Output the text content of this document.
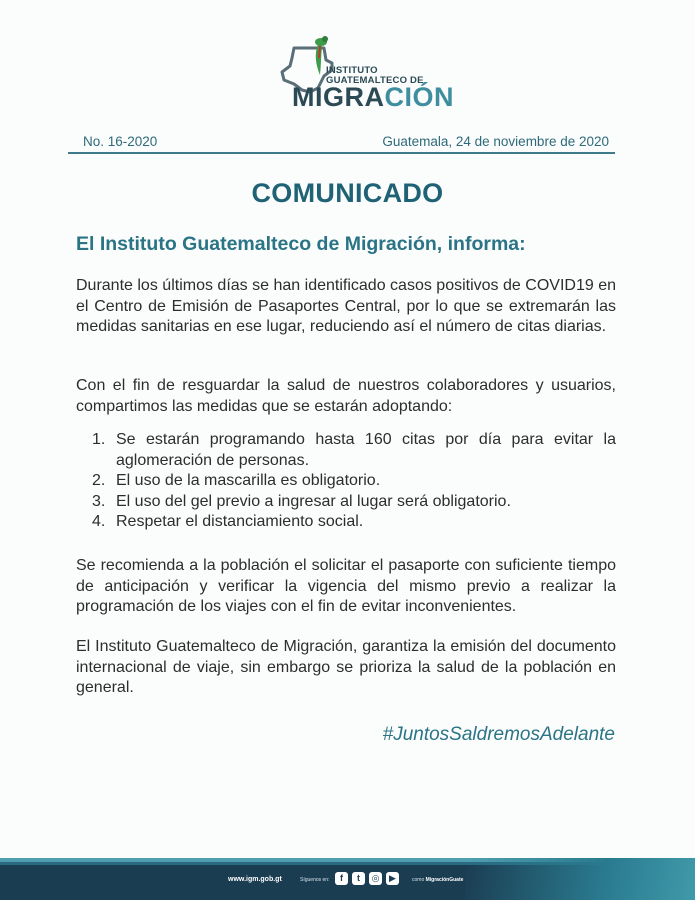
INSTITUTO
GUATEMALTECO DE
MIGRACIÓN
No. 16-2020	Guatemala, 24 de noviembre de 2020
COMUNICADO
El Instituto Guatemalteco de Migración, informa:

Durante los últimos días se han identificado casos positivos de COVID19 en el Centro de Emisión de Pasaportes Central, por lo que se extremarán las medidas sanitarias en ese lugar, reduciendo así el número de citas diarias.

Con el fin de resguardar la salud de nuestros colaboradores y usuarios, compartimos las medidas que se estarán adoptando:

1. Se estarán programando hasta 160 citas por día para evitar la aglomeración de personas.
2. El uso de la mascarilla es obligatorio.
3. El uso del gel previo a ingresar al lugar será obligatorio.
4. Respetar el distanciamiento social.

Se recomienda a la población el solicitar el pasaporte con suficiente tiempo de anticipación y verificar la vigencia del mismo previo a realizar la programación de los viajes con el fin de evitar inconvenientes.

El Instituto Guatemalteco de Migración, garantiza la emisión del documento internacional de viaje, sin embargo se prioriza la salud de la población en general.

#JuntosSaldremosAdelante
www.igm.gob.gt	Síguenos en:	f t ◎ ▶	como MigraciónGuate
